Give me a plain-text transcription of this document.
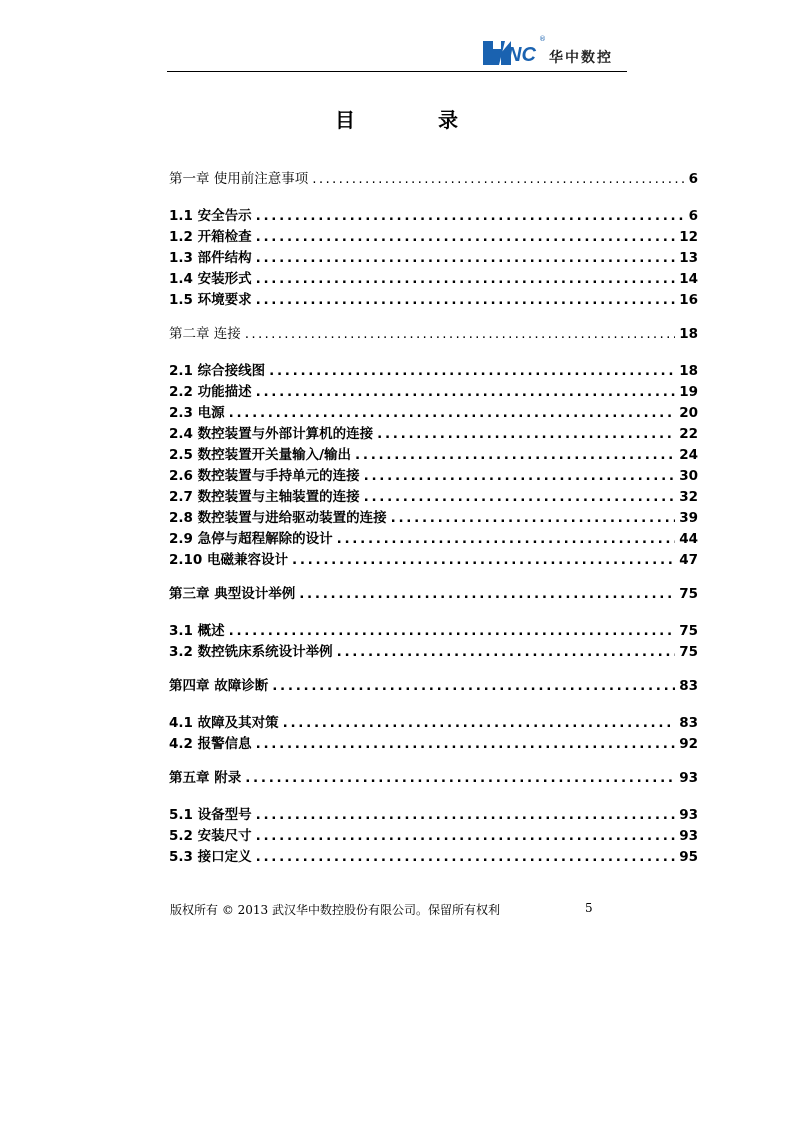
NC
®
华中数控
目 录
第一章 使用前注意事项 . . .	6
1.1 安全告示 . . .	6
1.2 开箱检查 . . .	12
1.3 部件结构 . . .	13
1.4 安装形式 . . .	14
1.5 环境要求 . . .	16
第二章 连接 . . .	18
2.1 综合接线图 . . .	18
2.2 功能描述 . . .	19
2.3 电源 . . .	20
2.4 数控装置与外部计算机的连接 . . .	22
2.5 数控装置开关量输入/输出 . . .	24
2.6 数控装置与手持单元的连接 . . .	30
2.7 数控装置与主轴装置的连接 . . .	32
2.8 数控装置与进给驱动装置的连接 . . .	39
2.9 急停与超程解除的设计 . . .	44
2.10 电磁兼容设计 . . .	47
第三章 典型设计举例 . . .	75
3.1 概述 . . .	75
3.2 数控铣床系统设计举例 . . .	75
第四章 故障诊断 . . .	83
4.1 故障及其对策 . . .	83
4.2 报警信息 . . .	92
第五章 附录 . . .	93
5.1 设备型号 . . .	93
5.2 安装尺寸 . . .	93
5.3 接口定义 . . .	95
版权所有 © 2013 武汉华中数控股份有限公司。保留所有权利	5
